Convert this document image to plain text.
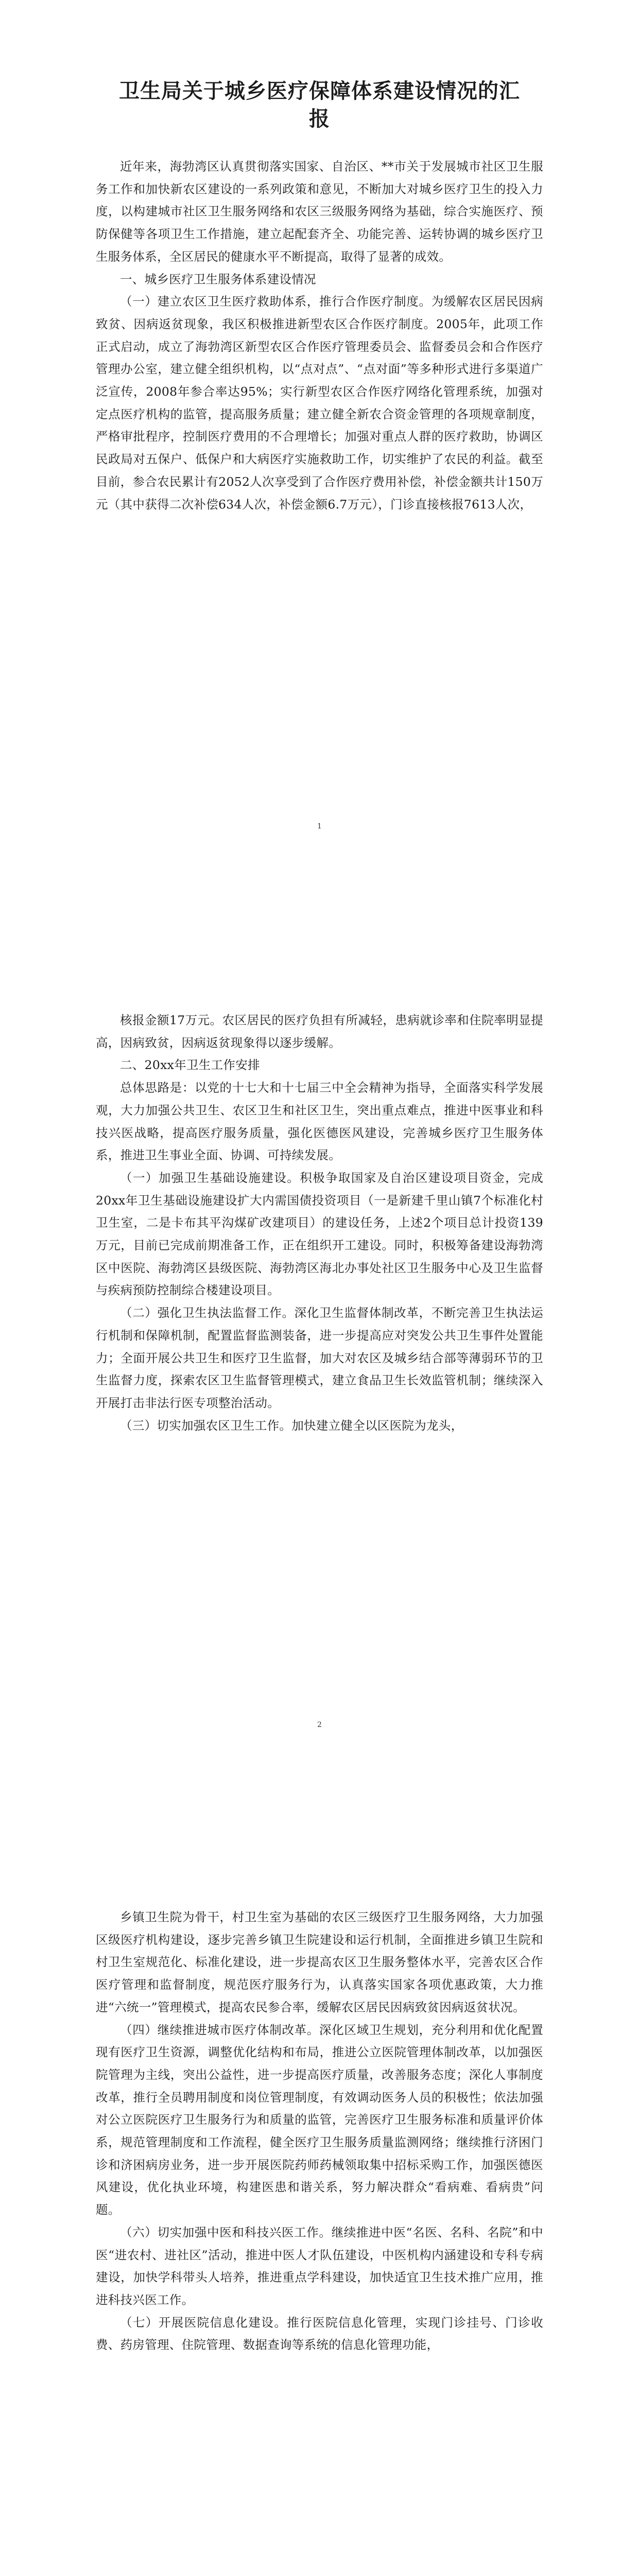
卫生局关于城乡医疗保障体系建设情况的汇报

近年来，海勃湾区认真贯彻落实国家、自治区、**市关于发展城市社区卫生服务工作和加快新农区建设的一系列政策和意见，不断加大对城乡医疗卫生的投入力度，以构建城市社区卫生服务网络和农区三级服务网络为基础，综合实施医疗、预防保健等各项卫生工作措施，建立起配套齐全、功能完善、运转协调的城乡医疗卫生服务体系，全区居民的健康水平不断提高，取得了显著的成效。

一、城乡医疗卫生服务体系建设情况

（一）建立农区卫生医疗救助体系，推行合作医疗制度。为缓解农区居民因病致贫、因病返贫现象，我区积极推进新型农区合作医疗制度。2005年，此项工作正式启动，成立了海勃湾区新型农区合作医疗管理委员会、监督委员会和合作医疗管理办公室，建立健全组织机构，以“点对点”、“点对面”等多种形式进行多渠道广泛宣传，2008年参合率达95%；实行新型农区合作医疗网络化管理系统，加强对定点医疗机构的监管，提高服务质量；建立健全新农合资金管理的各项规章制度，严格审批程序，控制医疗费用的不合理增长；加强对重点人群的医疗救助，协调区民政局对五保户、低保户和大病医疗实施救助工作，切实维护了农民的利益。截至目前，参合农民累计有2052人次享受到了合作医疗费用补偿，补偿金额共计150万元（其中获得二次补偿634人次，补偿金额6.7万元），门诊直接核报7613人次，

1

核报金额17万元。农区居民的医疗负担有所减轻，患病就诊率和住院率明显提高，因病致贫，因病返贫现象得以逐步缓解。

二、20xx年卫生工作安排

总体思路是：以党的十七大和十七届三中全会精神为指导，全面落实科学发展观，大力加强公共卫生、农区卫生和社区卫生，突出重点难点，推进中医事业和科技兴医战略，提高医疗服务质量，强化医德医风建设，完善城乡医疗卫生服务体系，推进卫生事业全面、协调、可持续发展。

（一）加强卫生基础设施建设。积极争取国家及自治区建设项目资金，完成20xx年卫生基础设施建设扩大内需国债投资项目（一是新建千里山镇7个标准化村卫生室，二是卡布其平沟煤矿改建项目）的建设任务，上述2个项目总计投资139万元，目前已完成前期准备工作，正在组织开工建设。同时，积极筹备建设海勃湾区中医院、海勃湾区县级医院、海勃湾区海北办事处社区卫生服务中心及卫生监督与疾病预防控制综合楼建设项目。

（二）强化卫生执法监督工作。深化卫生监督体制改革，不断完善卫生执法运行机制和保障机制，配置监督监测装备，进一步提高应对突发公共卫生事件处置能力；全面开展公共卫生和医疗卫生监督，加大对农区及城乡结合部等薄弱环节的卫生监督力度，探索农区卫生监督管理模式，建立食品卫生长效监管机制；继续深入开展打击非法行医专项整治活动。

（三）切实加强农区卫生工作。加快建立健全以区医院为龙头，

2

乡镇卫生院为骨干，村卫生室为基础的农区三级医疗卫生服务网络，大力加强区级医疗机构建设，逐步完善乡镇卫生院建设和运行机制，全面推进乡镇卫生院和村卫生室规范化、标准化建设，进一步提高农区卫生服务整体水平，完善农区合作医疗管理和监督制度，规范医疗服务行为，认真落实国家各项优惠政策，大力推进“六统一”管理模式，提高农民参合率，缓解农区居民因病致贫因病返贫状况。

（四）继续推进城市医疗体制改革。深化区域卫生规划，充分利用和优化配置现有医疗卫生资源，调整优化结构和布局，推进公立医院管理体制改革，以加强医院管理为主线，突出公益性，进一步提高医疗质量，改善服务态度；深化人事制度改革，推行全员聘用制度和岗位管理制度，有效调动医务人员的积极性；依法加强对公立医院医疗卫生服务行为和质量的监管，完善医疗卫生服务标准和质量评价体系，规范管理制度和工作流程，健全医疗卫生服务质量监测网络；继续推行济困门诊和济困病房业务，进一步开展医院药师药械领取集中招标采购工作，加强医德医风建设，优化执业环境，构建医患和谐关系，努力解决群众“看病难、看病贵”问题。

（六）切实加强中医和科技兴医工作。继续推进中医“名医、名科、名院”和中医“进农村、进社区”活动，推进中医人才队伍建设，中医机构内涵建设和专科专病建设，加快学科带头人培养，推进重点学科建设，加快适宜卫生技术推广应用，推进科技兴医工作。

（七）开展医院信息化建设。推行医院信息化管理，实现门诊挂号、门诊收费、药房管理、住院管理、数据查询等系统的信息化管理功能，
